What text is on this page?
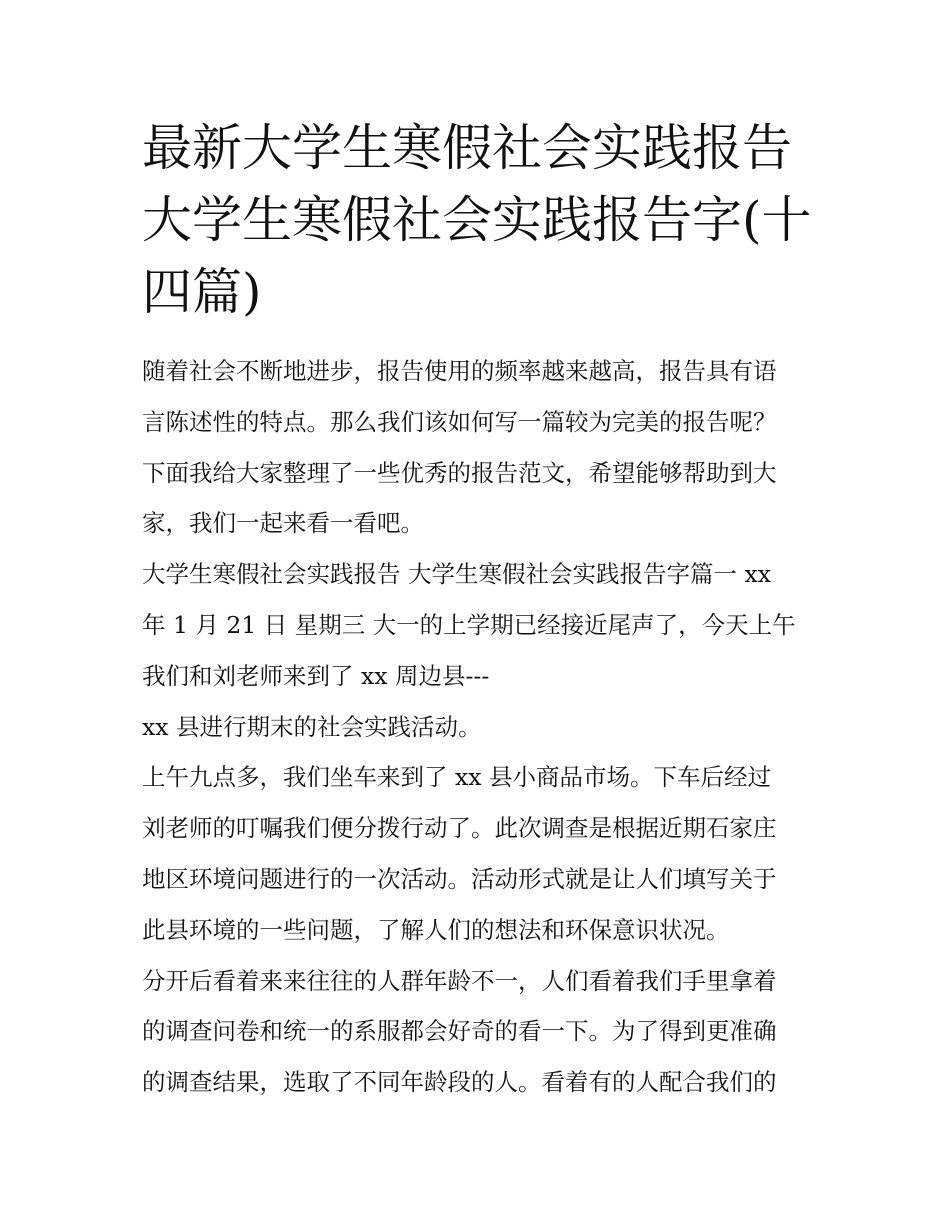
最新大学生寒假社会实践报告
大学生寒假社会实践报告字(十
四篇)

随着社会不断地进步，报告使用的频率越来越高，报告具有语
言陈述性的特点。那么我们该如何写一篇较为完美的报告呢？
下面我给大家整理了一些优秀的报告范文，希望能够帮助到大
家，我们一起来看一看吧。

大学生寒假社会实践报告 大学生寒假社会实践报告字篇一 xx
年 1 月 21 日 星期三 大一的上学期已经接近尾声了，今天上午
我们和刘老师来到了 xx 周边县---

xx 县进行期末的社会实践活动。

上午九点多，我们坐车来到了 xx 县小商品市场。下车后经过
刘老师的叮嘱我们便分拨行动了。此次调查是根据近期石家庄
地区环境问题进行的一次活动。活动形式就是让人们填写关于
此县环境的一些问题，了解人们的想法和环保意识状况。

分开后看着来来往往的人群年龄不一，人们看着我们手里拿着
的调查问卷和统一的系服都会好奇的看一下。为了得到更准确
的调查结果，选取了不同年龄段的人。看着有的人配合我们的
